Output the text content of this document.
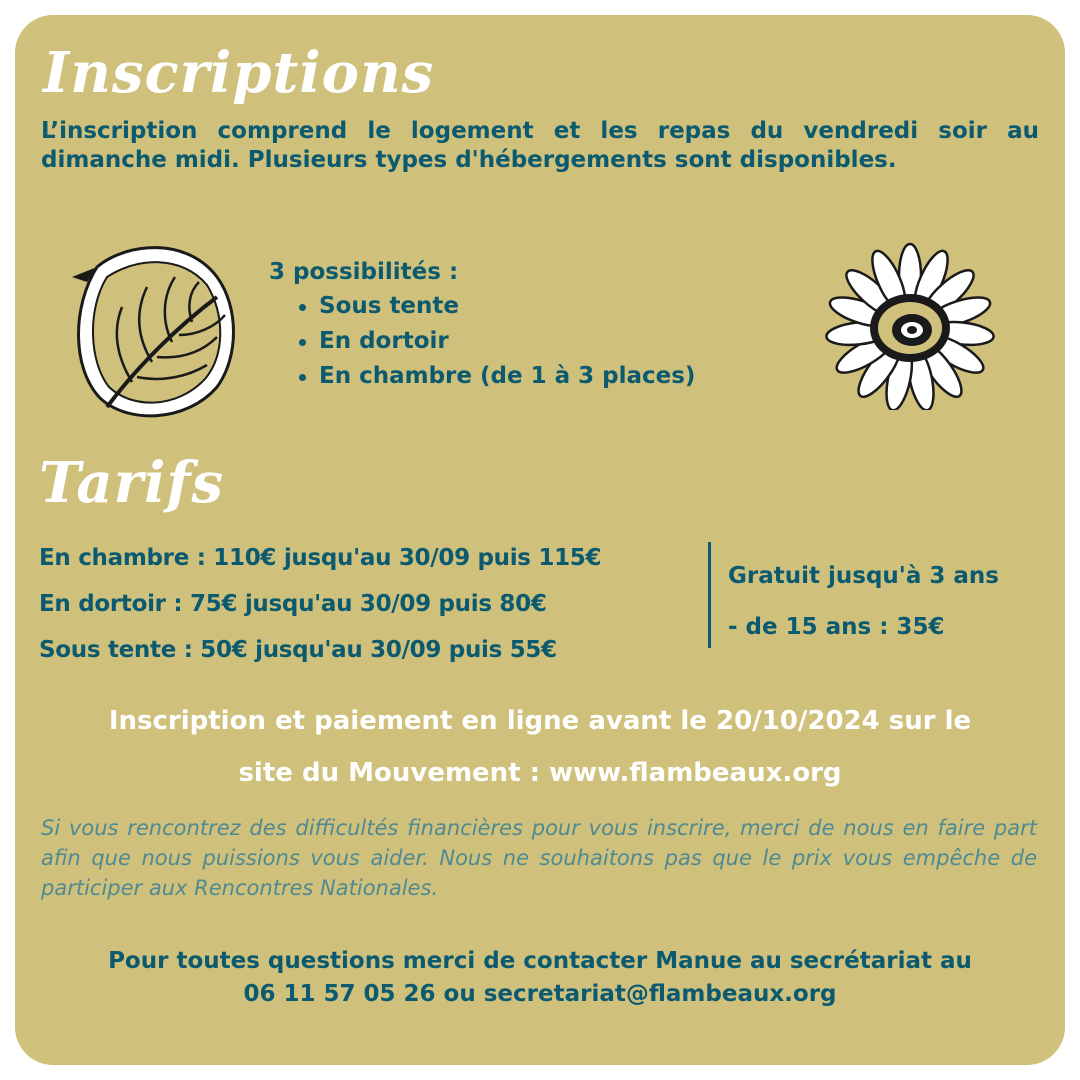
Inscriptions

L’inscription comprend le logement et les repas du vendredi soir au dimanche midi. Plusieurs types d'hébergements sont disponibles.

3 possibilités :

Sous tente
En dortoir
En chambre (de 1 à 3 places)
Tarifs
En chambre : 110€ jusqu'au 30/09 puis 115€
En dortoir : 75€ jusqu'au 30/09 puis 80€
Sous tente : 50€ jusqu'au 30/09 puis 55€
Gratuit jusqu'à 3 ans
- de 15 ans : 35€
Inscription et paiement en ligne avant le 20/10/2024 sur le
site du Mouvement : www.flambeaux.org

Si vous rencontrez des difficultés financières pour vous inscrire, merci de nous en faire part afin que nous puissions vous aider. Nous ne souhaitons pas que le prix vous empêche de participer aux Rencontres Nationales.

Pour toutes questions merci de contacter Manue au secrétariat au
06 11 57 05 26 ou secretariat@flambeaux.org
